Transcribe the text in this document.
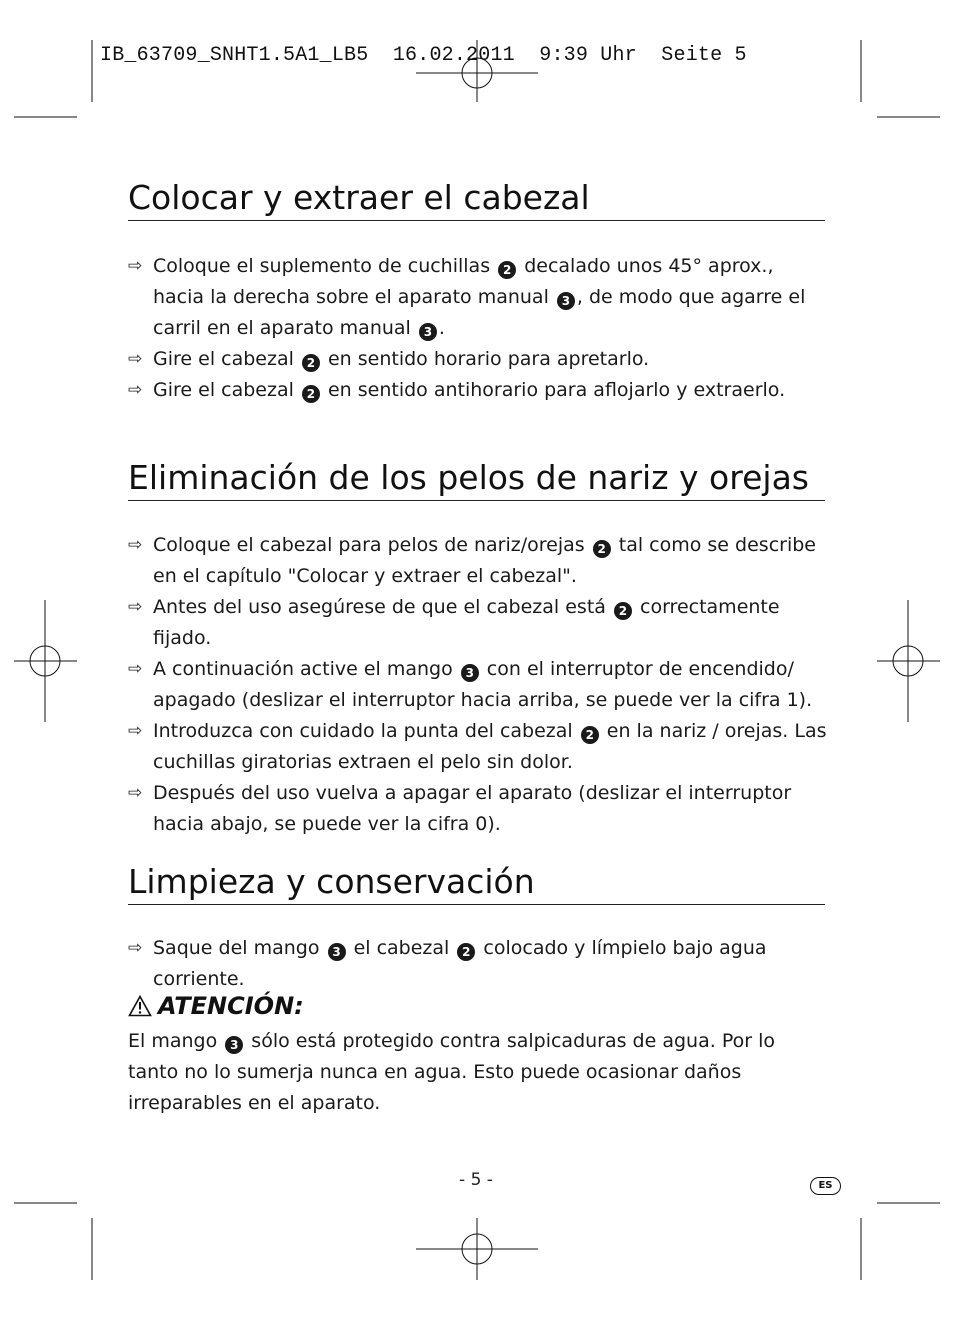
IB_63709_SNHT1.5A1_LB5  16.02.2011  9:39 Uhr  Seite 5
Colocar y extraer el cabezal
⇨ Coloque el suplemento de cuchillas 2 decalado unos 45° aprox., hacia la derecha sobre el aparato manual 3 , de modo que agarre el carril en el aparato manual 3 .
⇨ Gire el cabezal 2 en sentido horario para apretarlo.
⇨ Gire el cabezal 2 en sentido antihorario para aflojarlo y extraerlo.
Eliminación de los pelos de nariz y orejas
⇨ Coloque el cabezal para pelos de nariz/orejas 2 tal como se describe en el capítulo "Colocar y extraer el cabezal".
⇨ Antes del uso asegúrese de que el cabezal está 2 correctamente fijado.
⇨ A continuación active el mango 3 con el interruptor de encendido/ apagado (deslizar el interruptor hacia arriba, se puede ver la cifra 1).
⇨ Introduzca con cuidado la punta del cabezal 2 en la nariz / orejas. Las cuchillas giratorias extraen el pelo sin dolor.
⇨ Después del uso vuelva a apagar el aparato (deslizar el interruptor hacia abajo, se puede ver la cifra 0).
Limpieza y conservación
⇨ Saque del mango 3 el cabezal 2 colocado y límpielo bajo agua corriente.
ATENCIÓN:

El mango 3 sólo está protegido contra salpicaduras de agua. Por lo tanto no lo sumerja nunca en agua. Esto puede ocasionar daños irreparables en el aparato.

- 5 -	ES
